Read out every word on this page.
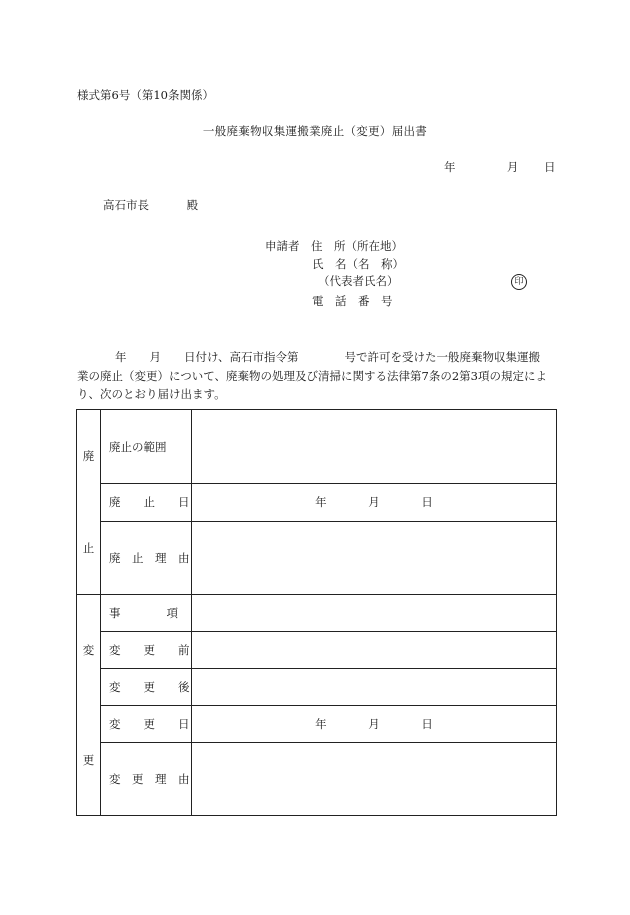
様式第6号（第10条関係）
一般廃棄物収集運搬業廃止（変更）届出書
年	月 日
高石市長	殿
申請者　住　所（所在地）
氏　名（名　称）
（代表者氏名）
電　話　番　号
印

年　　月　　日付け、高石市指令第　　　　号で許可を受けた一般廃棄物収集運搬

業の廃止（変更）について、廃棄物の処理及び清掃に関する法律第7条の2第3項の規定によ

り、次のとおり届け出ます。

廃
止	廃止の範囲	
	廃　　止　　日	年 月 日
	廃　止　理　由	

変
更	事　　　　項	
	変　　更　　前	
	変　　更　　後	
	変　　更　　日	年 月 日
	変　更　理　由	
